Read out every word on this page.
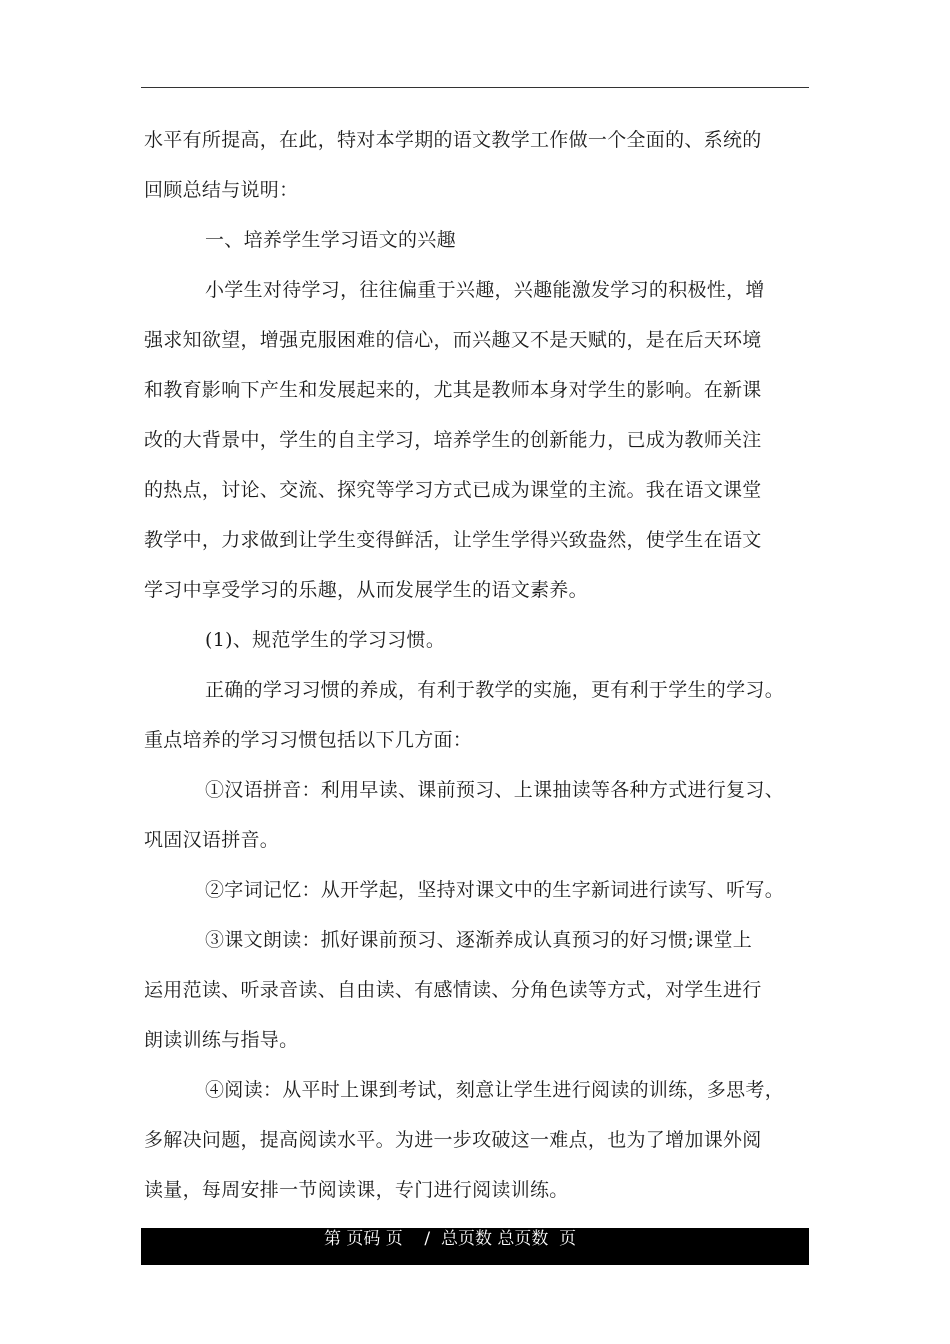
水平有所提高，在此，特对本学期的语文教学工作做一个全面的、系统的
回顾总结与说明：
一、培养学生学习语文的兴趣
小学生对待学习，往往偏重于兴趣，兴趣能激发学习的积极性，增
强求知欲望，增强克服困难的信心，而兴趣又不是天赋的，是在后天环境
和教育影响下产生和发展起来的，尤其是教师本身对学生的影响。在新课
改的大背景中，学生的自主学习，培养学生的创新能力，已成为教师关注
的热点，讨论、交流、探究等学习方式已成为课堂的主流。我在语文课堂
教学中，力求做到让学生变得鲜活，让学生学得兴致盎然，使学生在语文
学习中享受学习的乐趣，从而发展学生的语文素养。
(1)、规范学生的学习习惯。
正确的学习习惯的养成，有利于教学的实施，更有利于学生的学习。
重点培养的学习习惯包括以下几方面：
①汉语拼音：利用早读、课前预习、上课抽读等各种方式进行复习、
巩固汉语拼音。
②字词记忆：从开学起，坚持对课文中的生字新词进行读写、听写。
③课文朗读：抓好课前预习、逐渐养成认真预习的好习惯;课堂上
运用范读、听录音读、自由读、有感情读、分角色读等方式，对学生进行
朗读训练与指导。
④阅读：从平时上课到考试，刻意让学生进行阅读的训练，多思考，
多解决问题，提高阅读水平。为进一步攻破这一难点，也为了增加课外阅
读量，每周安排一节阅读课，专门进行阅读训练。
第 页码 页    /  总页数 总页数  页
